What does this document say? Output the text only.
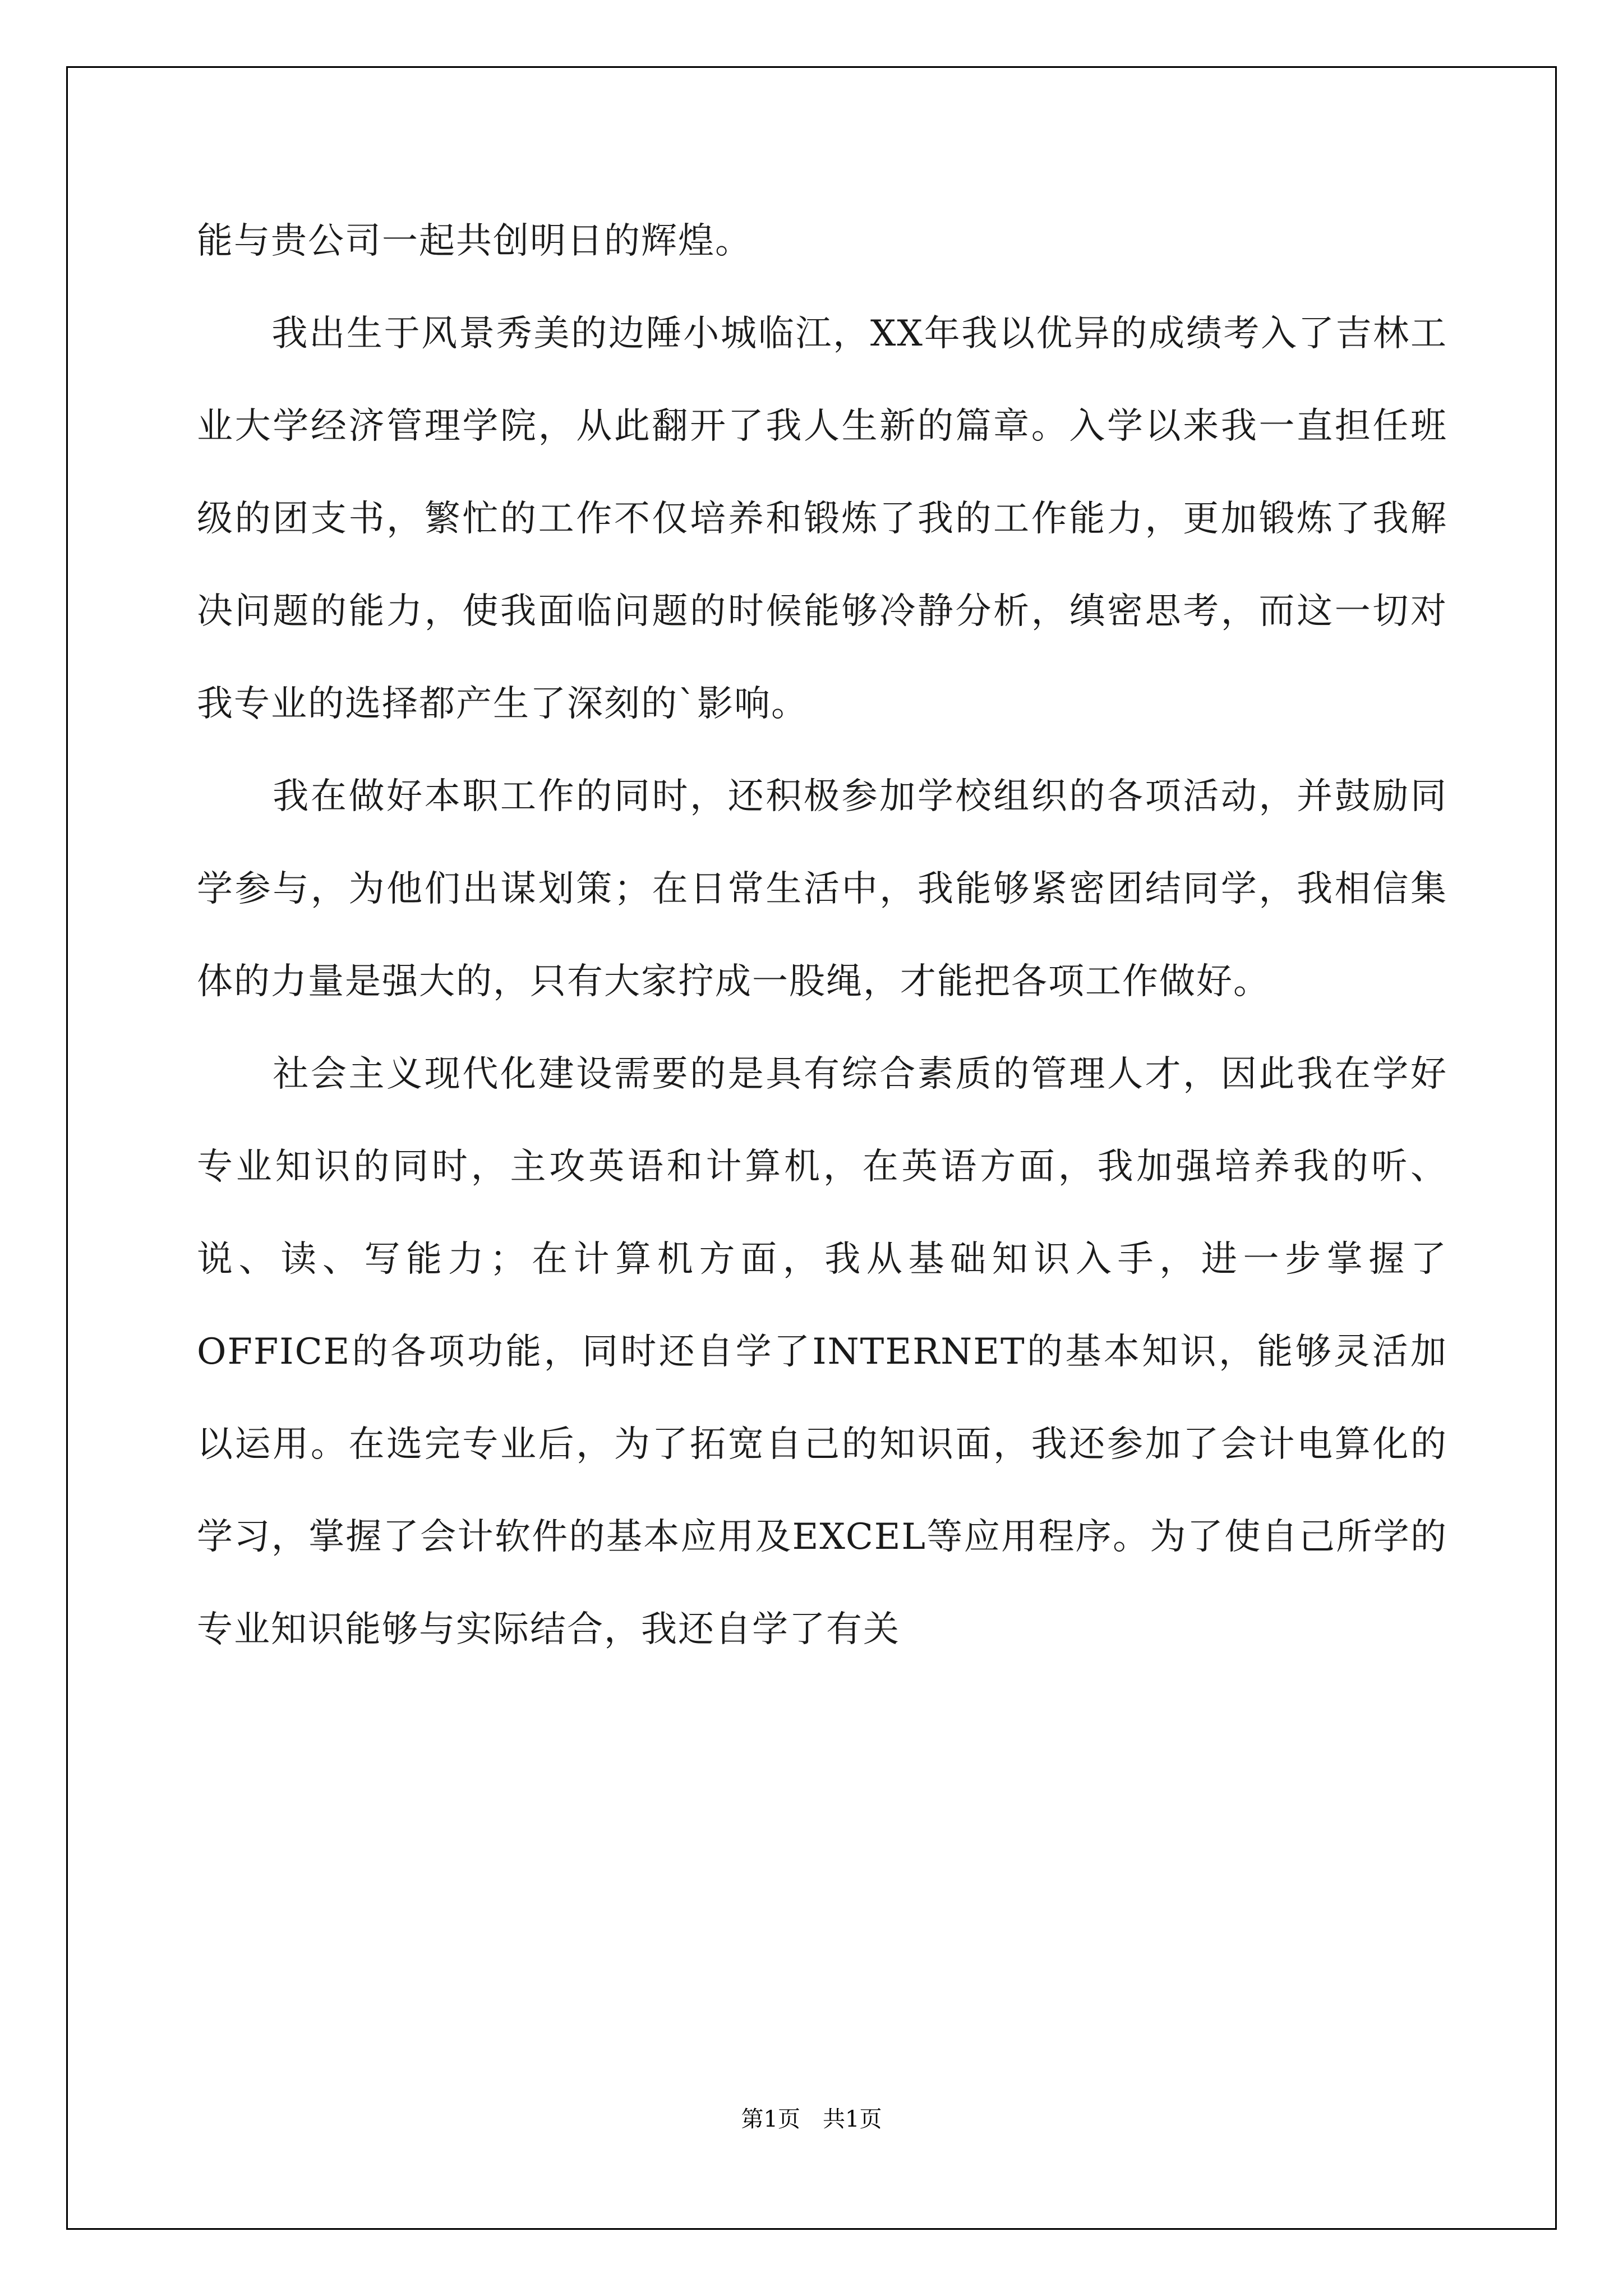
能与贵公司一起共创明日的辉煌。

　　我出生于风景秀美的边陲小城临江，XX年我以优异的成绩考入了吉林工业大学经济管理学院，从此翻开了我人生新的篇章。入学以来我一直担任班级的团支书，繁忙的工作不仅培养和锻炼了我的工作能力，更加锻炼了我解决问题的能力，使我面临问题的时候能够冷静分析，缜密思考，而这一切对我专业的选择都产生了深刻的`影响。

　　我在做好本职工作的同时，还积极参加学校组织的各项活动，并鼓励同学参与，为他们出谋划策；在日常生活中，我能够紧密团结同学，我相信集体的力量是强大的，只有大家拧成一股绳，才能把各项工作做好。

　　社会主义现代化建设需要的是具有综合素质的管理人才，因此我在学好专业知识的同时，主攻英语和计算机，在英语方面，我加强培养我的听、说、读、写能力；在计算机方面，我从基础知识入手，进一步掌握了OFFICE的各项功能，同时还自学了INTERNET的基本知识，能够灵活加以运用。在选完专业后，为了拓宽自己的知识面，我还参加了会计电算化的学习，掌握了会计软件的基本应用及EXCEL等应用程序。为了使自己所学的专业知识能够与实际结合，我还自学了有关

第1页　共1页
